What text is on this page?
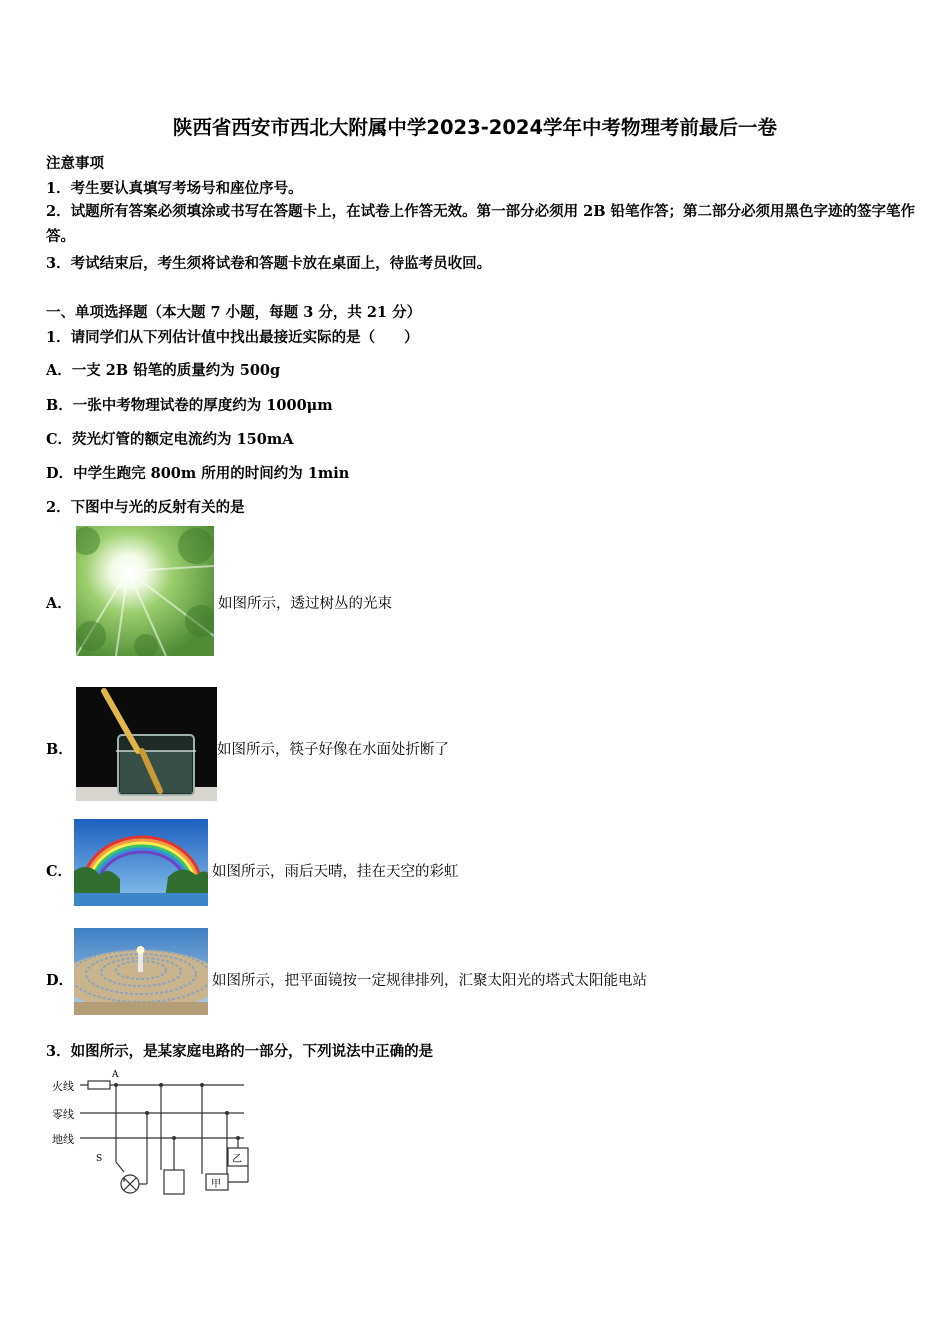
陕西省西安市西北大附属中学2023-2024学年中考物理考前最后一卷
注意事项
1．考生要认真填写考场号和座位序号。
2．试题所有答案必须填涂或书写在答题卡上，在试卷上作答无效。第一部分必须用 2B 铅笔作答；第二部分必须用黑色字迹的签字笔作答。
3．考试结束后，考生须将试卷和答题卡放在桌面上，待监考员收回。
一、单项选择题（本大题 7 小题，每题 3 分，共 21 分）
1．请同学们从下列估计值中找出最接近实际的是（　　）
A．一支 2B 铅笔的质量约为 500g
B．一张中考物理试卷的厚度约为 1000μm
C．荧光灯管的额定电流约为 150mA
D．中学生跑完 800m 所用的时间约为 1min
2．下图中与光的反射有关的是
A．	如图所示，透过树丛的光束
B．	如图所示，筷子好像在水面处折断了
C．	如图所示，雨后天晴，挂在天空的彩虹
D．	如图所示，把平面镜按一定规律排列，汇聚太阳光的塔式太阳能电站
3．如图所示，是某家庭电路的一部分，下列说法中正确的是
火线
零线
地线
A
S
甲
乙
